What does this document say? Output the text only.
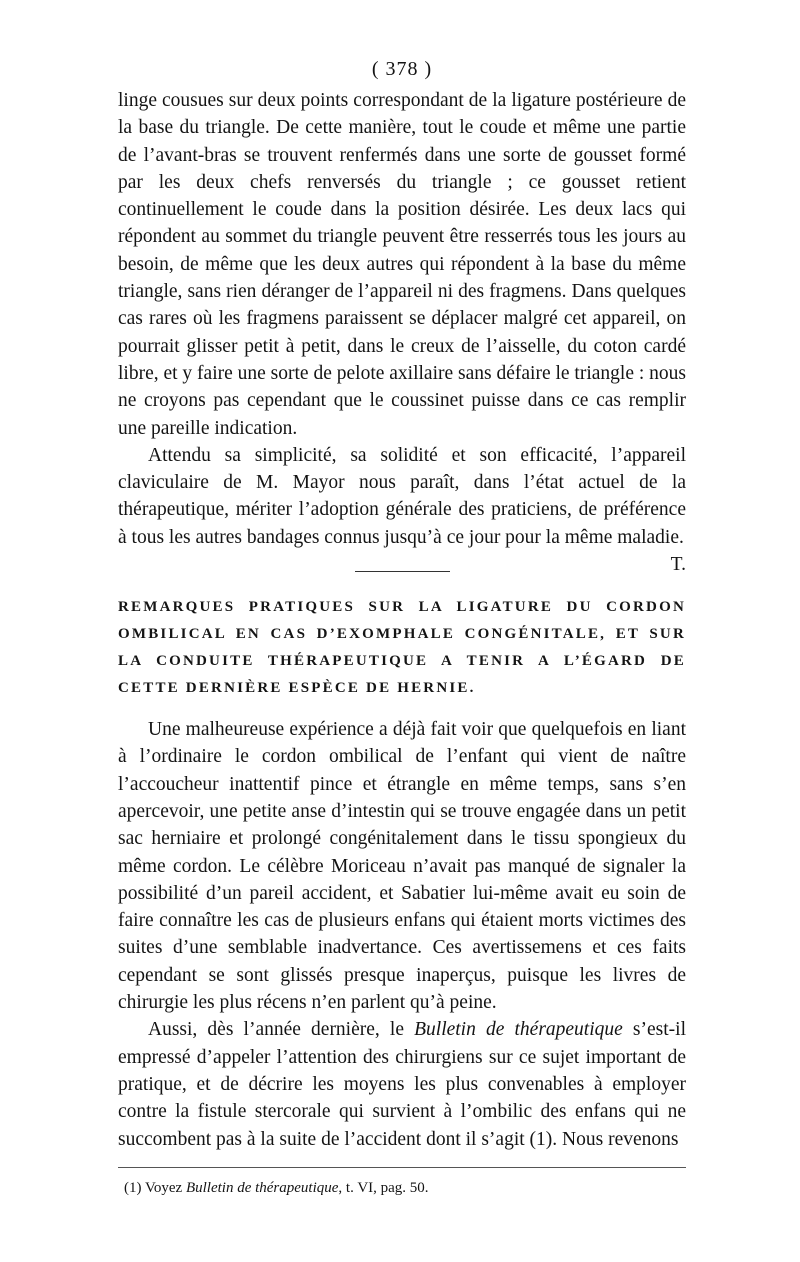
( 378 )

linge cousues sur deux points correspondant de la ligature postérieure de la base du triangle. De cette manière, tout le coude et même une partie de l’avant-bras se trouvent renfermés dans une sorte de gousset formé par les deux chefs renversés du triangle ; ce gousset retient continuellement le coude dans la position désirée. Les deux lacs qui répondent au sommet du triangle peuvent être resserrés tous les jours au besoin, de même que les deux autres qui répondent à la base du même triangle, sans rien déranger de l’appareil ni des fragmens. Dans quelques cas rares où les fragmens paraissent se déplacer malgré cet appareil, on pourrait glisser petit à petit, dans le creux de l’aisselle, du coton cardé libre, et y faire une sorte de pelote axillaire sans défaire le triangle : nous ne croyons pas cependant que le coussinet puisse dans ce cas remplir une pareille indication.

Attendu sa simplicité, sa solidité et son efficacité, l’appareil claviculaire de M. Mayor nous paraît, dans l’état actuel de la thérapeutique, mériter l’adoption générale des praticiens, de préférence à tous les autres bandages connus jusqu’à ce jour pour la même maladie.
T.

REMARQUES PRATIQUES SUR LA LIGATURE DU CORDON OMBILICAL EN CAS D’EXOMPHALE CONGÉNITALE, ET SUR LA CONDUITE THÉRAPEUTIQUE A TENIR A L’ÉGARD DE CETTE DERNIÈRE ESPÈCE DE HERNIE.

Une malheureuse expérience a déjà fait voir que quelquefois en liant à l’ordinaire le cordon ombilical de l’enfant qui vient de naître l’accoucheur inattentif pince et étrangle en même temps, sans s’en apercevoir, une petite anse d’intestin qui se trouve engagée dans un petit sac herniaire et prolongé congénitalement dans le tissu spongieux du même cordon. Le célèbre Moriceau n’avait pas manqué de signaler la possibilité d’un pareil accident, et Sabatier lui-même avait eu soin de faire connaître les cas de plusieurs enfans qui étaient morts victimes des suites d’une semblable inadvertance. Ces avertissemens et ces faits cependant se sont glissés presque inaperçus, puisque les livres de chirurgie les plus récens n’en parlent qu’à peine.

Aussi, dès l’année dernière, le Bulletin de thérapeutique s’est-il empressé d’appeler l’attention des chirurgiens sur ce sujet important de pratique, et de décrire les moyens les plus convenables à employer contre la fistule stercorale qui survient à l’ombilic des enfans qui ne succombent pas à la suite de l’accident dont il s’agit (1). Nous revenons

(1) Voyez Bulletin de thérapeutique, t. VI, pag. 50.
